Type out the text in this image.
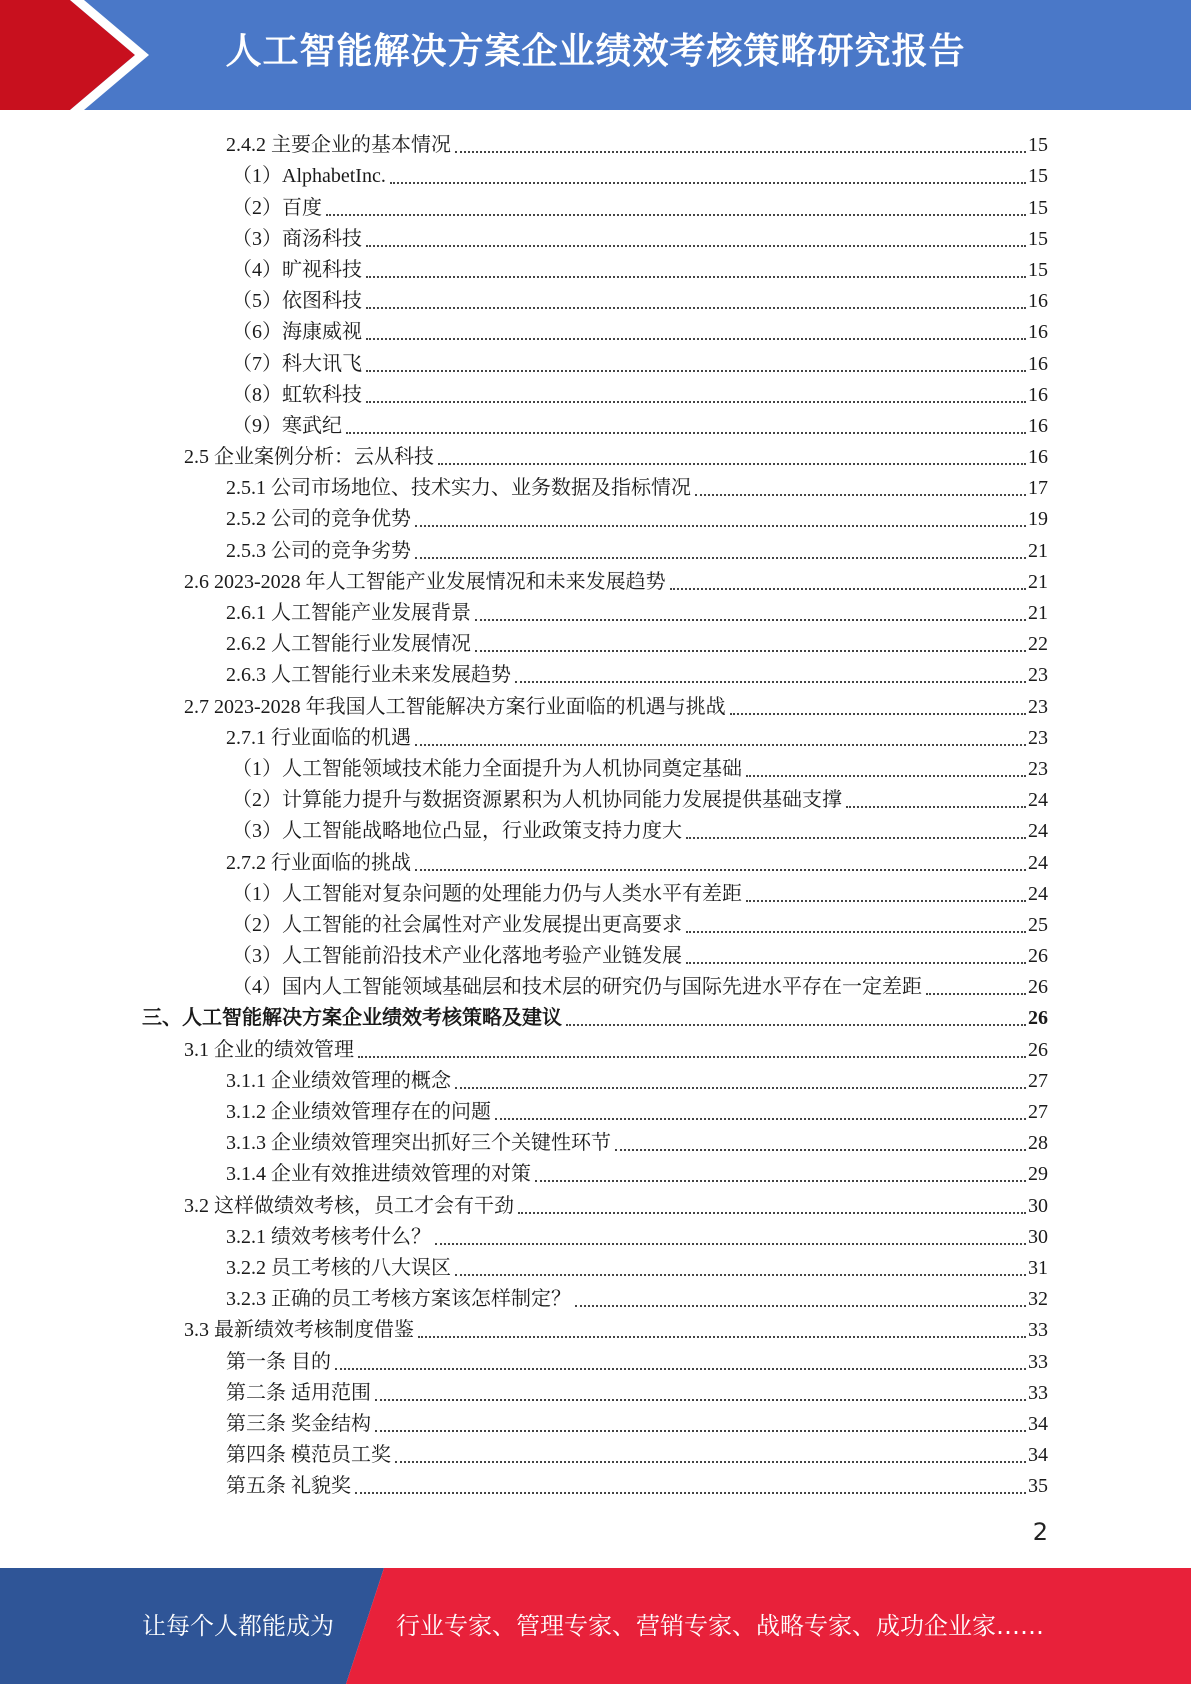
人工智能解决方案企业绩效考核策略研究报告
2.4.2 主要企业的基本情况	15
（1）AlphabetInc.	15
（2）百度	15
（3）商汤科技	15
（4）旷视科技	15
（5）依图科技	16
（6）海康威视	16
（7）科大讯飞	16
（8）虹软科技	16
（9）寒武纪	16
2.5 企业案例分析：云从科技	16
2.5.1 公司市场地位、技术实力、业务数据及指标情况	17
2.5.2 公司的竞争优势	19
2.5.3 公司的竞争劣势	21
2.6 2023-2028 年人工智能产业发展情况和未来发展趋势	21
2.6.1 人工智能产业发展背景	21
2.6.2 人工智能行业发展情况	22
2.6.3 人工智能行业未来发展趋势	23
2.7 2023-2028 年我国人工智能解决方案行业面临的机遇与挑战	23
2.7.1 行业面临的机遇	23
（1）人工智能领域技术能力全面提升为人机协同奠定基础	23
（2）计算能力提升与数据资源累积为人机协同能力发展提供基础支撑	24
（3）人工智能战略地位凸显，行业政策支持力度大	24
2.7.2 行业面临的挑战	24
（1）人工智能对复杂问题的处理能力仍与人类水平有差距	24
（2）人工智能的社会属性对产业发展提出更高要求	25
（3）人工智能前沿技术产业化落地考验产业链发展	26
（4）国内人工智能领域基础层和技术层的研究仍与国际先进水平存在一定差距	26
三、人工智能解决方案企业绩效考核策略及建议	26
3.1 企业的绩效管理	26
3.1.1 企业绩效管理的概念	27
3.1.2 企业绩效管理存在的问题	27
3.1.3 企业绩效管理突出抓好三个关键性环节	28
3.1.4 企业有效推进绩效管理的对策	29
3.2 这样做绩效考核，员工才会有干劲	30
3.2.1 绩效考核考什么？	30
3.2.2 员工考核的八大误区	31
3.2.3 正确的员工考核方案该怎样制定？	32
3.3 最新绩效考核制度借鉴	33
第一条 目的	33
第二条 适用范围	33
第三条 奖金结构	34
第四条 模范员工奖	34
第五条 礼貌奖	35
2
让每个人都能成为	行业专家、管理专家、营销专家、战略专家、成功企业家……
